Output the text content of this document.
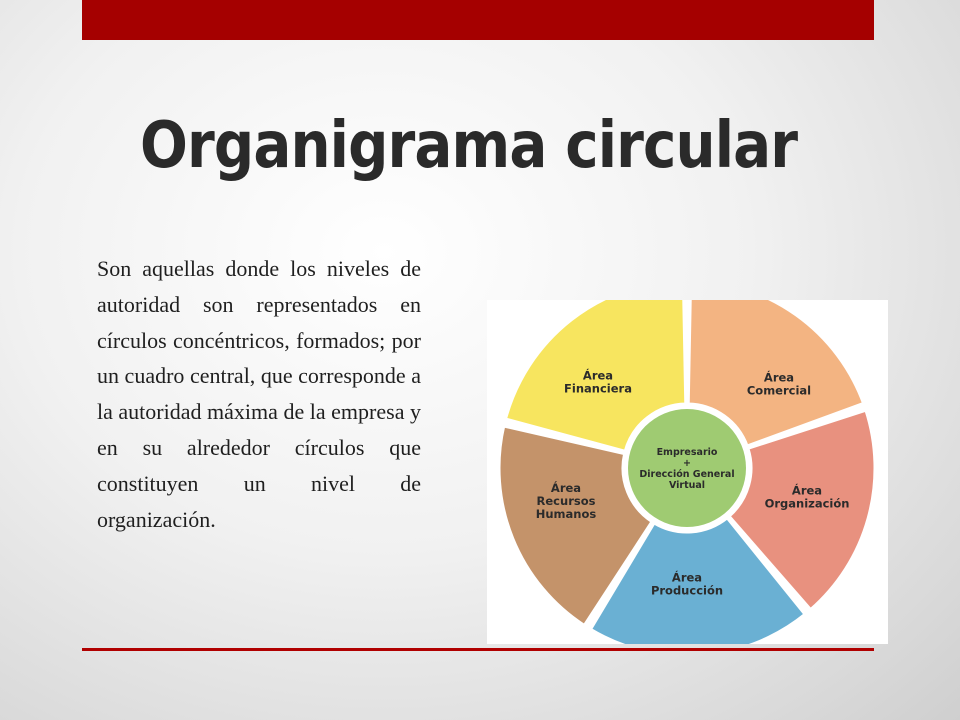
Organigrama circular

Son aquellas donde los niveles de autoridad son representados en círculos concéntricos, formados; por un cuadro central, que corresponde a la autoridad máxima de la empresa y en su alrededor círculos que constituyen un nivel de organización.

Área Comercial
Área Organización
Área Producción
Área Recursos Humanos
Área Financiera
Empresario + Dirección General Virtual
